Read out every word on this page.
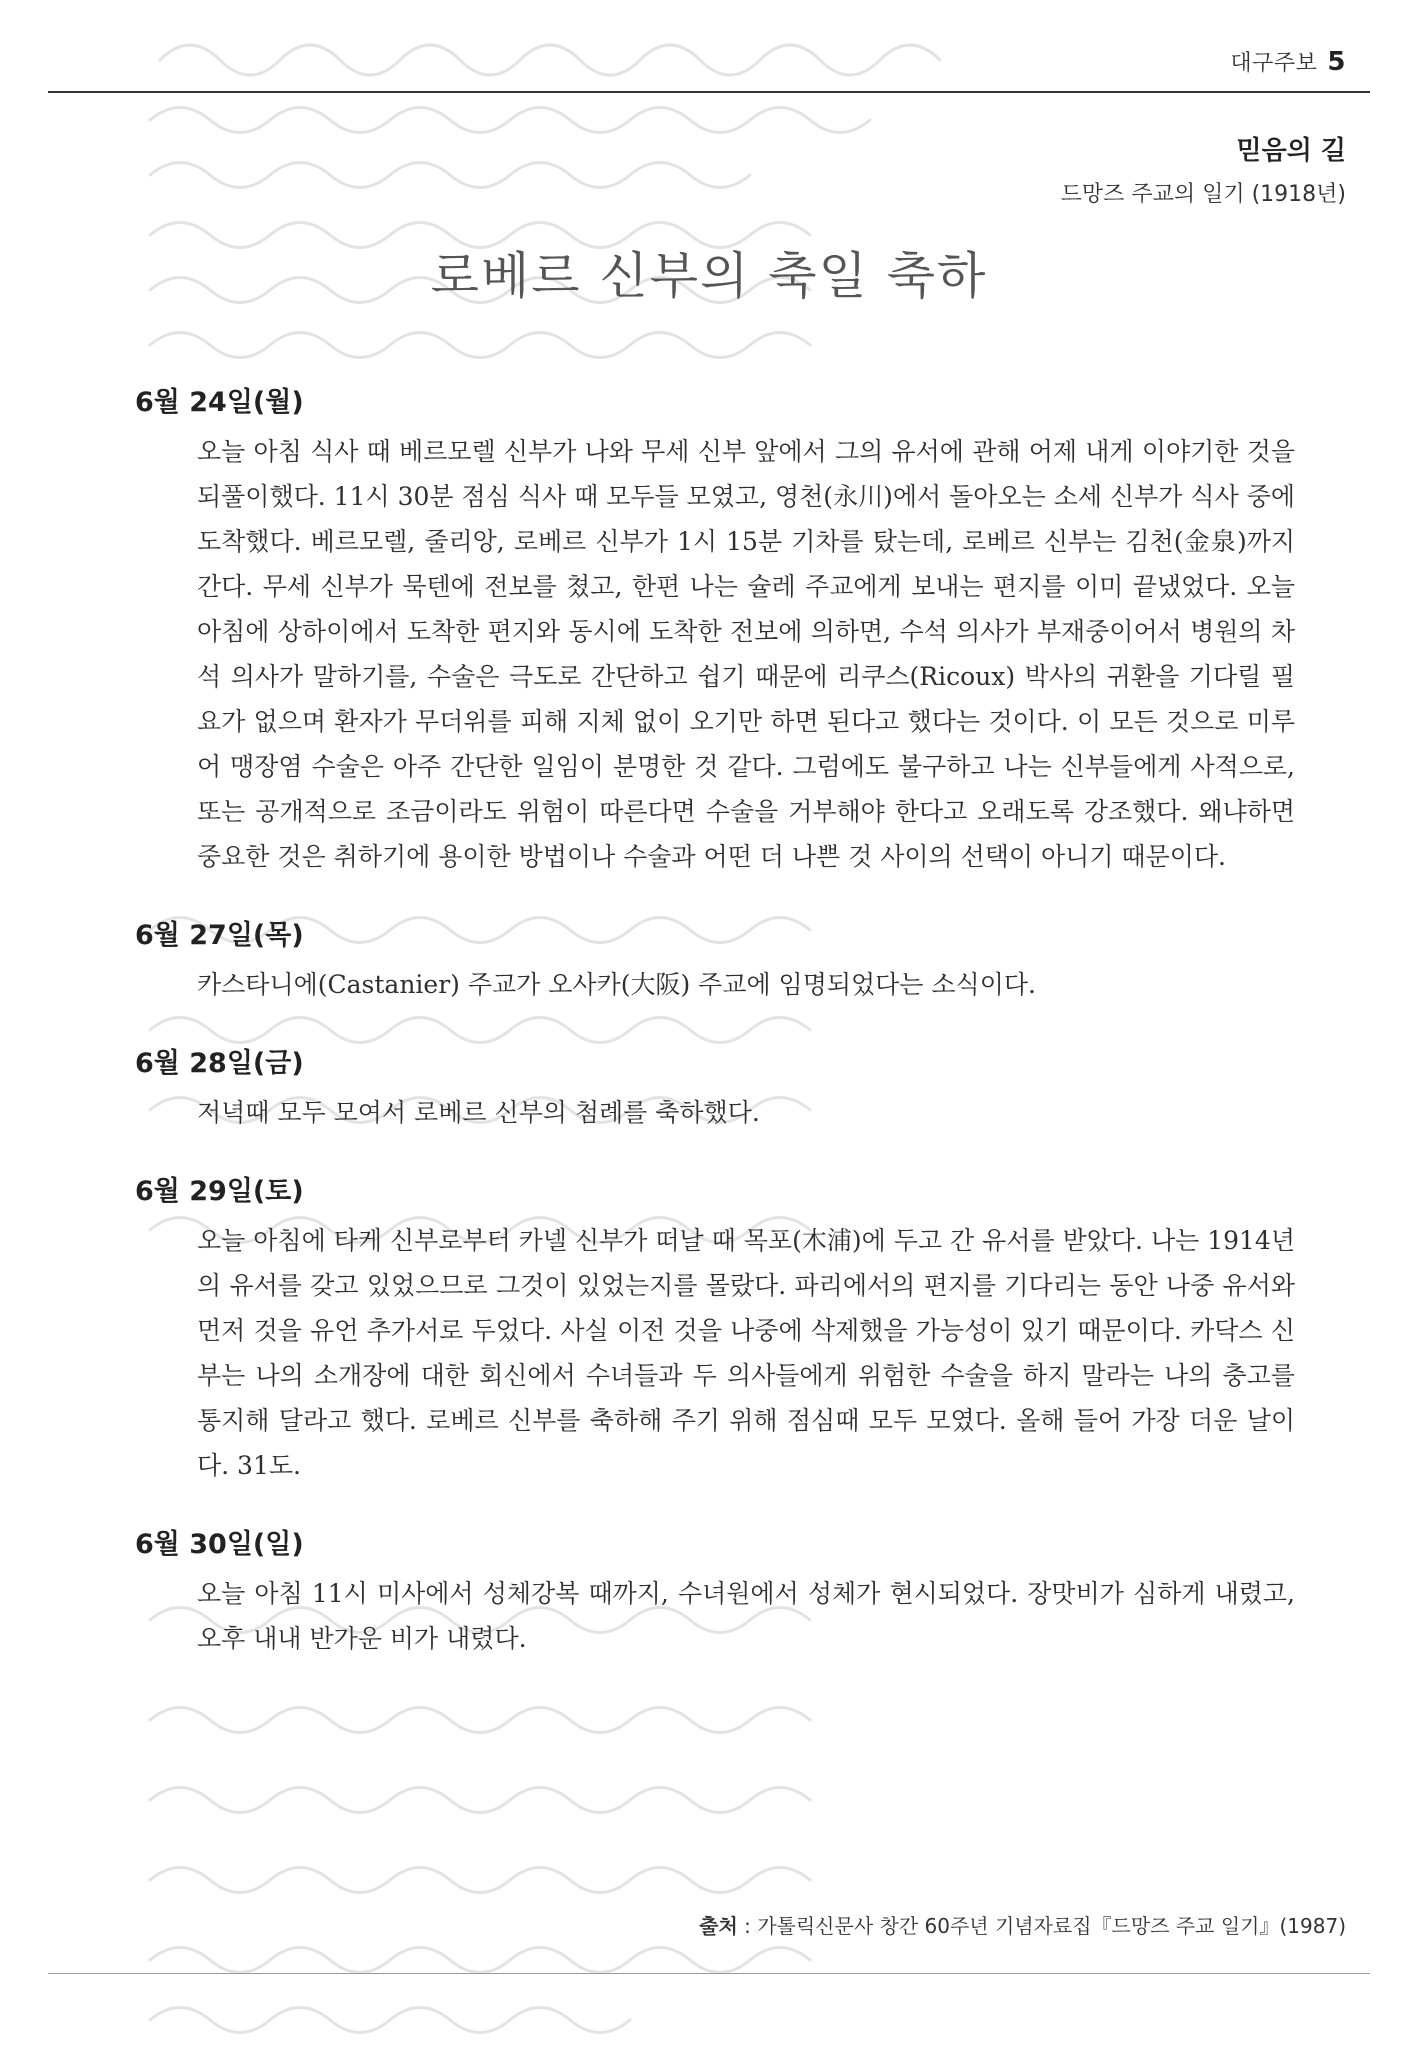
대구주보 5
믿음의 길
드망즈 주교의 일기 (1918년)
로베르 신부의 축일 축하
6월 24일(월)
오늘 아침 식사 때 베르모렐 신부가 나와 무세 신부 앞에서 그의 유서에 관해 어제 내게 이야기한 것을 되풀이했다. 11시 30분 점심 식사 때 모두들 모였고, 영천(永川)에서 돌아오는 소세 신부가 식사 중에 도착했다. 베르모렐, 줄리앙, 로베르 신부가 1시 15분 기차를 탔는데, 로베르 신부는 김천(金泉)까지 간다. 무세 신부가 묵텐에 전보를 쳤고, 한편 나는 슐레 주교에게 보내는 편지를 이미 끝냈었다. 오늘 아침에 상하이에서 도착한 편지와 동시에 도착한 전보에 의하면, 수석 의사가 부재중이어서 병원의 차석 의사가 말하기를, 수술은 극도로 간단하고 쉽기 때문에 리쿠스(Ricoux) 박사의 귀환을 기다릴 필요가 없으며 환자가 무더위를 피해 지체 없이 오기만 하면 된다고 했다는 것이다. 이 모든 것으로 미루어 맹장염 수술은 아주 간단한 일임이 분명한 것 같다. 그럼에도 불구하고 나는 신부들에게 사적으로, 또는 공개적으로 조금이라도 위험이 따른다면 수술을 거부해야 한다고 오래도록 강조했다. 왜냐하면 중요한 것은 취하기에 용이한 방법이나 수술과 어떤 더 나쁜 것 사이의 선택이 아니기 때문이다.
6월 27일(목)
카스타니에(Castanier) 주교가 오사카(大阪) 주교에 임명되었다는 소식이다.
6월 28일(금)
저녁때 모두 모여서 로베르 신부의 첨례를 축하했다.
6월 29일(토)
오늘 아침에 타케 신부로부터 카넬 신부가 떠날 때 목포(木浦)에 두고 간 유서를 받았다. 나는 1914년의 유서를 갖고 있었으므로 그것이 있었는지를 몰랐다. 파리에서의 편지를 기다리는 동안 나중 유서와 먼저 것을 유언 추가서로 두었다. 사실 이전 것을 나중에 삭제했을 가능성이 있기 때문이다. 카닥스 신부는 나의 소개장에 대한 회신에서 수녀들과 두 의사들에게 위험한 수술을 하지 말라는 나의 충고를 통지해 달라고 했다. 로베르 신부를 축하해 주기 위해 점심때 모두 모였다. 올해 들어 가장 더운 날이다. 31도.
6월 30일(일)
오늘 아침 11시 미사에서 성체강복 때까지, 수녀원에서 성체가 현시되었다. 장맛비가 심하게 내렸고, 오후 내내 반가운 비가 내렸다.
출처 : 가톨릭신문사 창간 60주년 기념자료집『드망즈 주교 일기』(1987)
